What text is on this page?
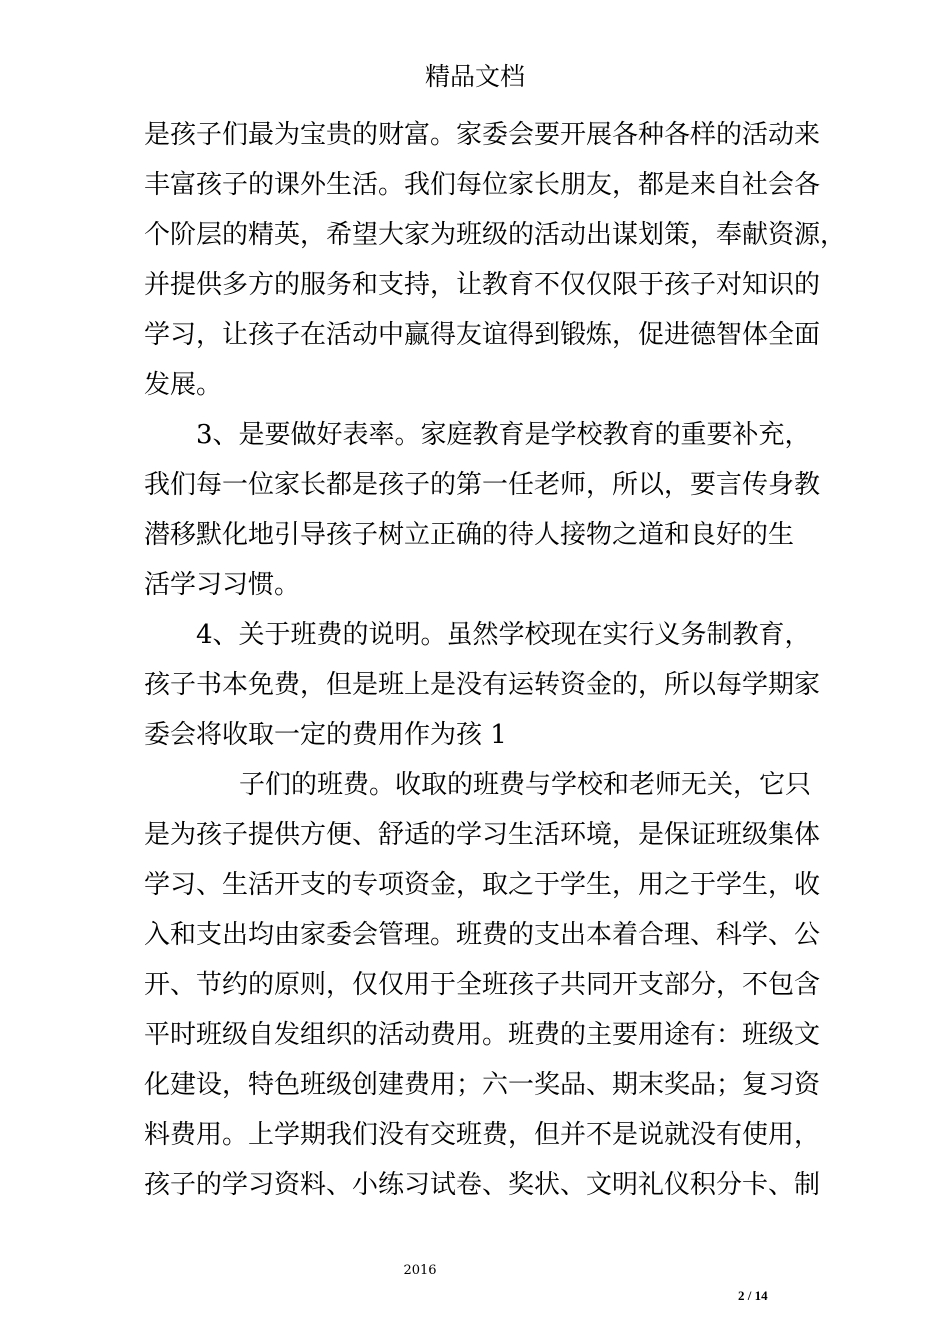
精品文档
是孩子们最为宝贵的财富。家委会要开展各种各样的活动来
丰富孩子的课外生活。我们每位家长朋友，都是来自社会各
个阶层的精英，希望大家为班级的活动出谋划策，奉献资源，
并提供多方的服务和支持，让教育不仅仅限于孩子对知识的
学习，让孩子在活动中赢得友谊得到锻炼，促进德智体全面
发展。
3、是要做好表率。家庭教育是学校教育的重要补充，
我们每一位家长都是孩子的第一任老师，所以，要言传身教
潜移默化地引导孩子树立正确的待人接物之道和良好的生
活学习习惯。
4、关于班费的说明。虽然学校现在实行义务制教育，
孩子书本免费，但是班上是没有运转资金的，所以每学期家
委会将收取一定的费用作为孩 1
子们的班费。收取的班费与学校和老师无关，它只
是为孩子提供方便、舒适的学习生活环境，是保证班级集体
学习、生活开支的专项资金，取之于学生，用之于学生，收
入和支出均由家委会管理。班费的支出本着合理、科学、公
开、节约的原则，仅仅用于全班孩子共同开支部分，不包含
平时班级自发组织的活动费用。班费的主要用途有：班级文
化建设，特色班级创建费用；六一奖品、期末奖品；复习资
料费用。上学期我们没有交班费，但并不是说就没有使用，
孩子的学习资料、小练习试卷、奖状、文明礼仪积分卡、制
2016
2 / 14
